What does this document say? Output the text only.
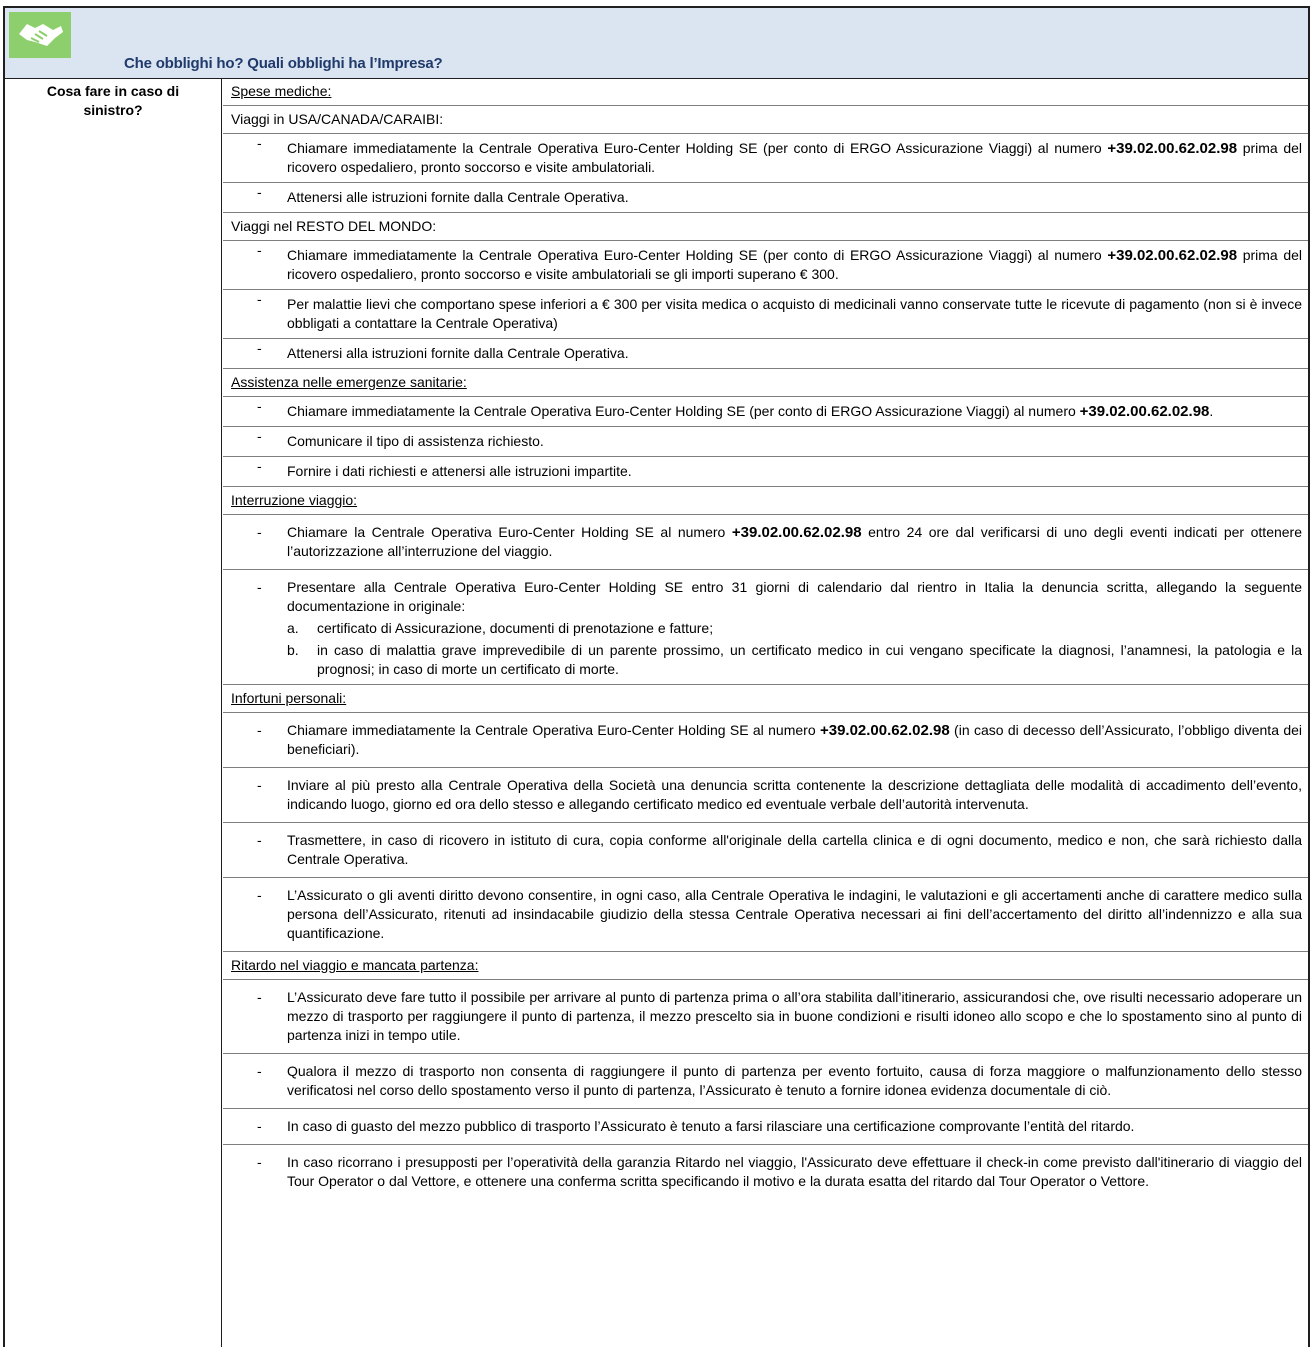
Che obblighi ho? Quali obblighi ha l’Impresa?
Cosa fare in caso di
sinistro?
Spese mediche:
Viaggi in USA/CANADA/CARAIBI:
- Chiamare immediatamente la Centrale Operativa Euro-Center Holding SE (per conto di ERGO Assicurazione Viaggi) al numero +39.02.00.62.02.98 prima del ricovero ospedaliero, pronto soccorso e visite ambulatoriali.
- Attenersi alle istruzioni fornite dalla Centrale Operativa.
Viaggi nel RESTO DEL MONDO:
- Chiamare immediatamente la Centrale Operativa Euro-Center Holding SE (per conto di ERGO Assicurazione Viaggi) al numero +39.02.00.62.02.98 prima del ricovero ospedaliero, pronto soccorso e visite ambulatoriali se gli importi superano € 300.
- Per malattie lievi che comportano spese inferiori a € 300 per visita medica o acquisto di medicinali vanno conservate tutte le ricevute di pagamento (non si è invece obbligati a contattare la Centrale Operativa)
- Attenersi alla istruzioni fornite dalla Centrale Operativa.
Assistenza nelle emergenze sanitarie:
- Chiamare immediatamente la Centrale Operativa Euro-Center Holding SE (per conto di ERGO Assicurazione Viaggi) al numero +39.02.00.62.02.98.
- Comunicare il tipo di assistenza richiesto.
- Fornire i dati richiesti e attenersi alle istruzioni impartite.
Interruzione viaggio:
- Chiamare la Centrale Operativa Euro-Center Holding SE al numero +39.02.00.62.02.98 entro 24 ore dal verificarsi di uno degli eventi indicati per ottenere l’autorizzazione all’interruzione del viaggio.
- Presentare alla Centrale Operativa Euro-Center Holding SE entro 31 giorni di calendario dal rientro in Italia la denuncia scritta, allegando la seguente documentazione in originale:
a. certificato di Assicurazione, documenti di prenotazione e fatture;
b. in caso di malattia grave imprevedibile di un parente prossimo, un certificato medico in cui vengano specificate la diagnosi, l’anamnesi, la patologia e la prognosi; in caso di morte un certificato di morte.
Infortuni personali:
- Chiamare immediatamente la Centrale Operativa Euro-Center Holding SE al numero +39.02.00.62.02.98 (in caso di decesso dell’Assicurato, l’obbligo diventa dei beneficiari).
- Inviare al più presto alla Centrale Operativa della Società una denuncia scritta contenente la descrizione dettagliata delle modalità di accadimento dell’evento, indicando luogo, giorno ed ora dello stesso e allegando certificato medico ed eventuale verbale dell’autorità intervenuta.
- Trasmettere, in caso di ricovero in istituto di cura, copia conforme all'originale della cartella clinica e di ogni documento, medico e non, che sarà richiesto dalla Centrale Operativa.
- L’Assicurato o gli aventi diritto devono consentire, in ogni caso, alla Centrale Operativa le indagini, le valutazioni e gli accertamenti anche di carattere medico sulla persona dell’Assicurato, ritenuti ad insindacabile giudizio della stessa Centrale Operativa necessari ai fini dell’accertamento del diritto all’indennizzo e alla sua quantificazione.
Ritardo nel viaggio e mancata partenza:
- L’Assicurato deve fare tutto il possibile per arrivare al punto di partenza prima o all’ora stabilita dall’itinerario, assicurandosi che, ove risulti necessario adoperare un mezzo di trasporto per raggiungere il punto di partenza, il mezzo prescelto sia in buone condizioni e risulti idoneo allo scopo e che lo spostamento sino al punto di partenza inizi in tempo utile.
- Qualora il mezzo di trasporto non consenta di raggiungere il punto di partenza per evento fortuito, causa di forza maggiore o malfunzionamento dello stesso verificatosi nel corso dello spostamento verso il punto di partenza, l’Assicurato è tenuto a fornire idonea evidenza documentale di ciò.
- In caso di guasto del mezzo pubblico di trasporto l’Assicurato è tenuto a farsi rilasciare una certificazione comprovante l’entità del ritardo.
- In caso ricorrano i presupposti per l’operatività della garanzia Ritardo nel viaggio, l'Assicurato deve effettuare il check-in come previsto dall'itinerario di viaggio del Tour Operator o dal Vettore, e ottenere una conferma scritta specificando il motivo e la durata esatta del ritardo dal Tour Operator o Vettore.
